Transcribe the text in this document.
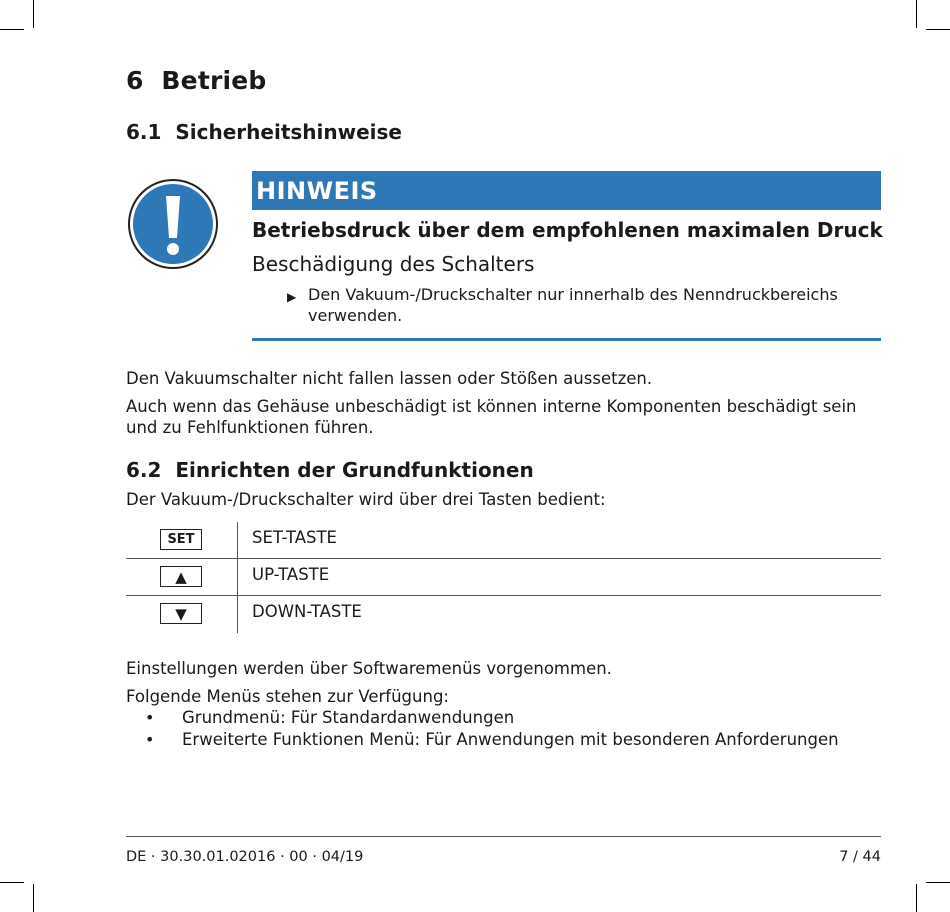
6 Betrieb
6.1 Sicherheitshinweise
HINWEIS
Betriebsdruck über dem empfohlenen maximalen Druck
Beschädigung des Schalters
▶ Den Vakuum-/Druckschalter nur innerhalb des Nenndruckbereichs verwenden.
Den Vakuumschalter nicht fallen lassen oder Stößen aussetzen.
Auch wenn das Gehäuse unbeschädigt ist können interne Komponenten beschädigt sein und zu Fehlfunktionen führen.
6.2 Einrichten der Grundfunktionen
Der Vakuum-/Druckschalter wird über drei Tasten bedient:
SET	SET-TASTE
▲	UP-TASTE
▼	DOWN-TASTE
Einstellungen werden über Softwaremenüs vorgenommen.
Folgende Menüs stehen zur Verfügung:
• Grundmenü: Für Standardanwendungen
• Erweiterte Funktionen Menü: Für Anwendungen mit besonderen Anforderungen
DE · 30.30.01.02016 · 00 · 04/19	7 / 44
